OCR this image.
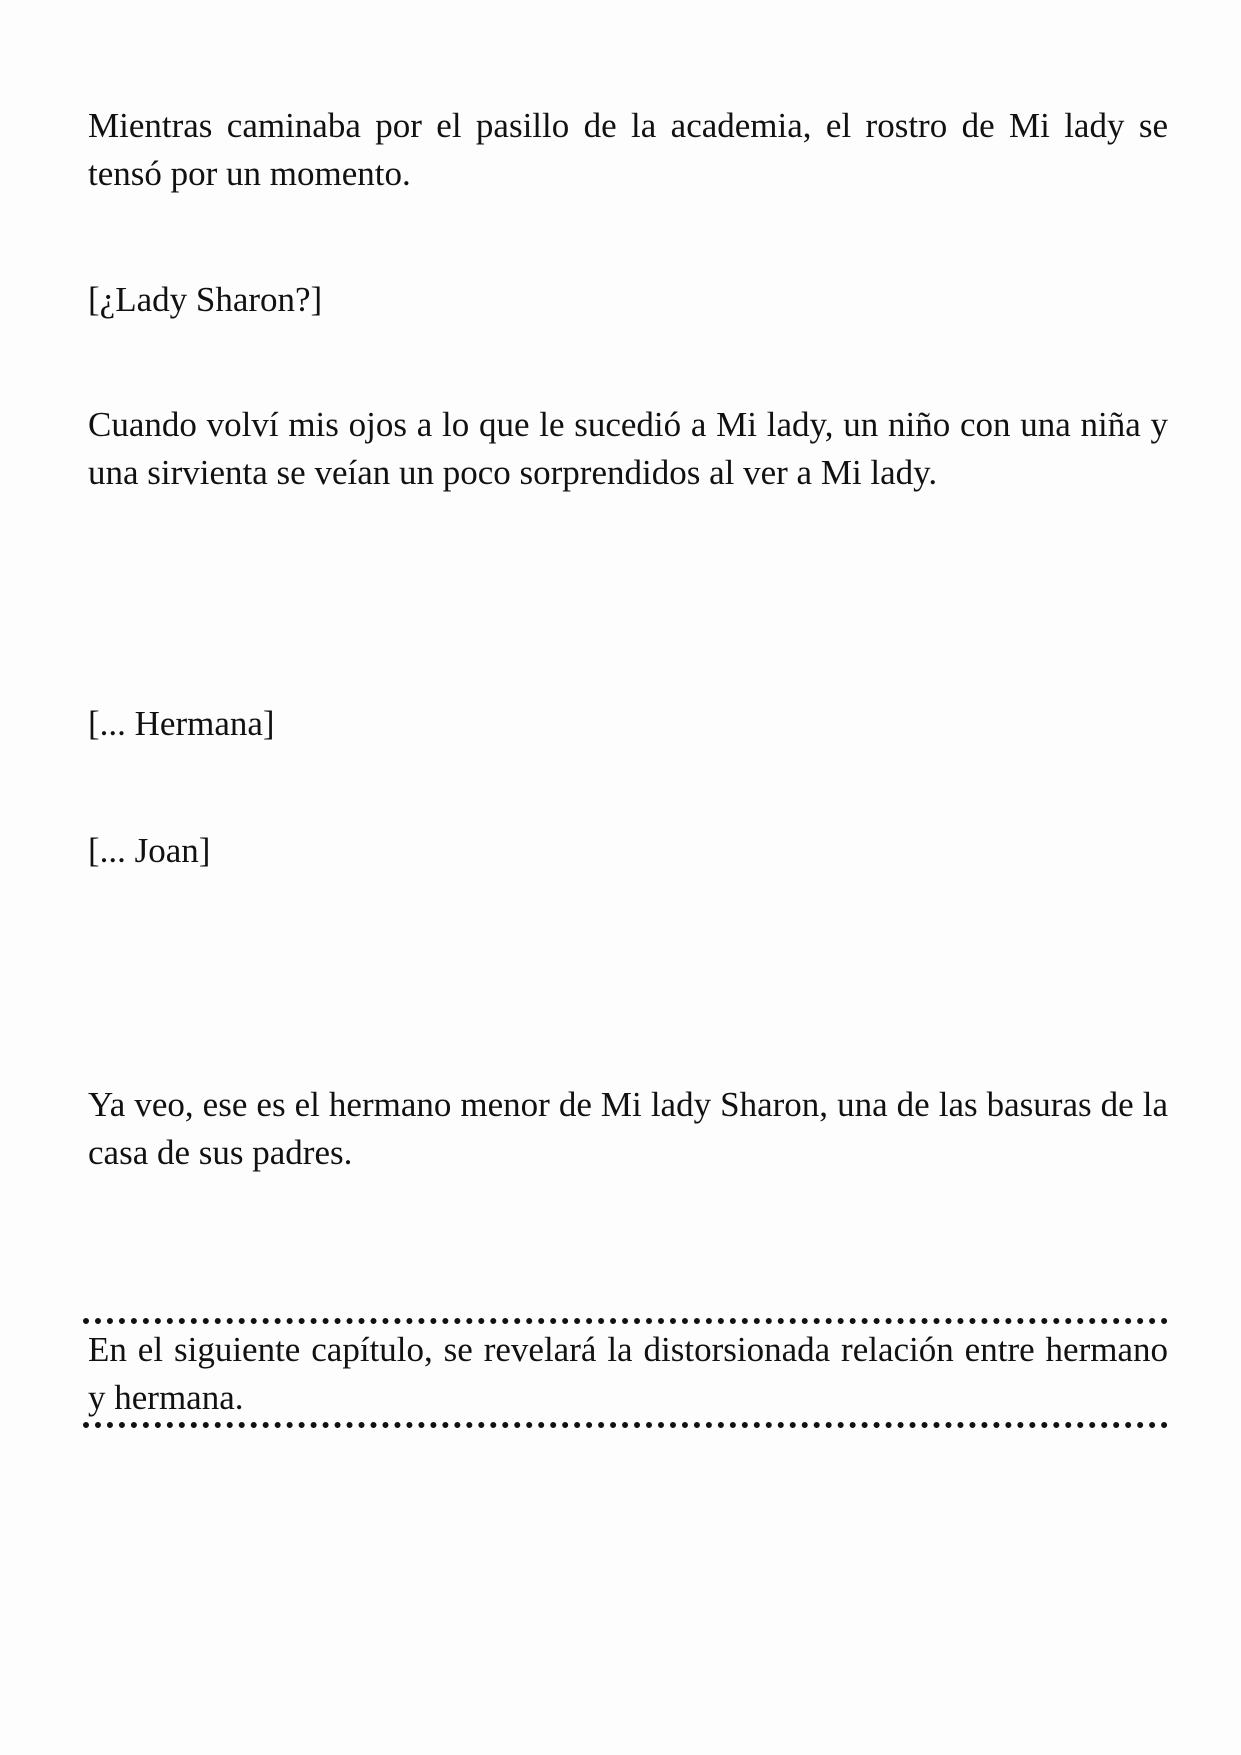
Mientras caminaba por el pasillo de la academia, el rostro de Mi lady se tensó por un momento.

[¿Lady Sharon?]

Cuando volví mis ojos a lo que le sucedió a Mi lady, un niño con una niña y una sirvienta se veían un poco sorprendidos al ver a Mi lady.

[... Hermana]

[... Joan]

Ya veo, ese es el hermano menor de Mi lady Sharon, una de las basuras de la casa de sus padres.

En el siguiente capítulo, se revelará la distorsionada relación entre hermano y hermana.
